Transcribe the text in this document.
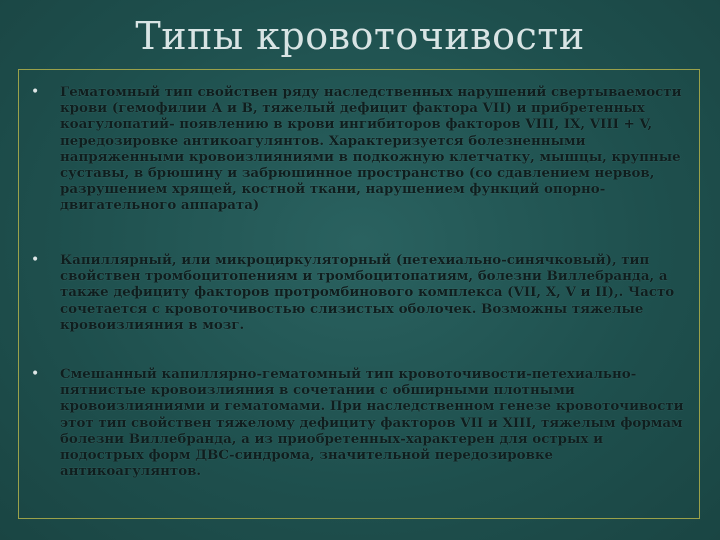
Типы кровоточивости
• Гематомный тип свойствен ряду наследственных нарушений свертываемости крови (гемофилии А и В, тяжелый дефицит фактора VII) и прибретенных коагулопатий- появлению в крови ингибиторов факторов VIII, IX, VIII + V, передозировке антикоагулянтов. Характеризуется болезненными напряженными кровоизлияниями в подкожную клетчатку, мышцы, крупные суставы, в брюшину и забрюшинное пространство (со сдавлением нервов, разрушением хрящей, костной ткани, нарушением функций опорно-двигательного аппарата)
• Капиллярный, или микроциркуляторный (петехиально-синячковый), тип свойствен тромбоцитопениям и тромбоцитопатиям, болезни Виллебранда, а также дефициту факторов протромбинового комплекса (VII, X, V и II),. Часто сочетается с кровоточивостью слизистых оболочек. Возможны тяжелые кровоизлияния в мозг.
• Смешанный капиллярно-гематомный тип кровоточивости-петехиально-пятнистые кровоизлияния в сочетании с обширными плотными кровоизлияниями и гематомами. При наследственном генезе кровоточивости этот тип свойствен тяжелому дефициту факторов VII и XIII, тяжелым формам болезни Виллебранда, а из приобретенных-характерен для острых и подострых форм ДВС-синдрома, значительной передозировке антикоагулянтов.
